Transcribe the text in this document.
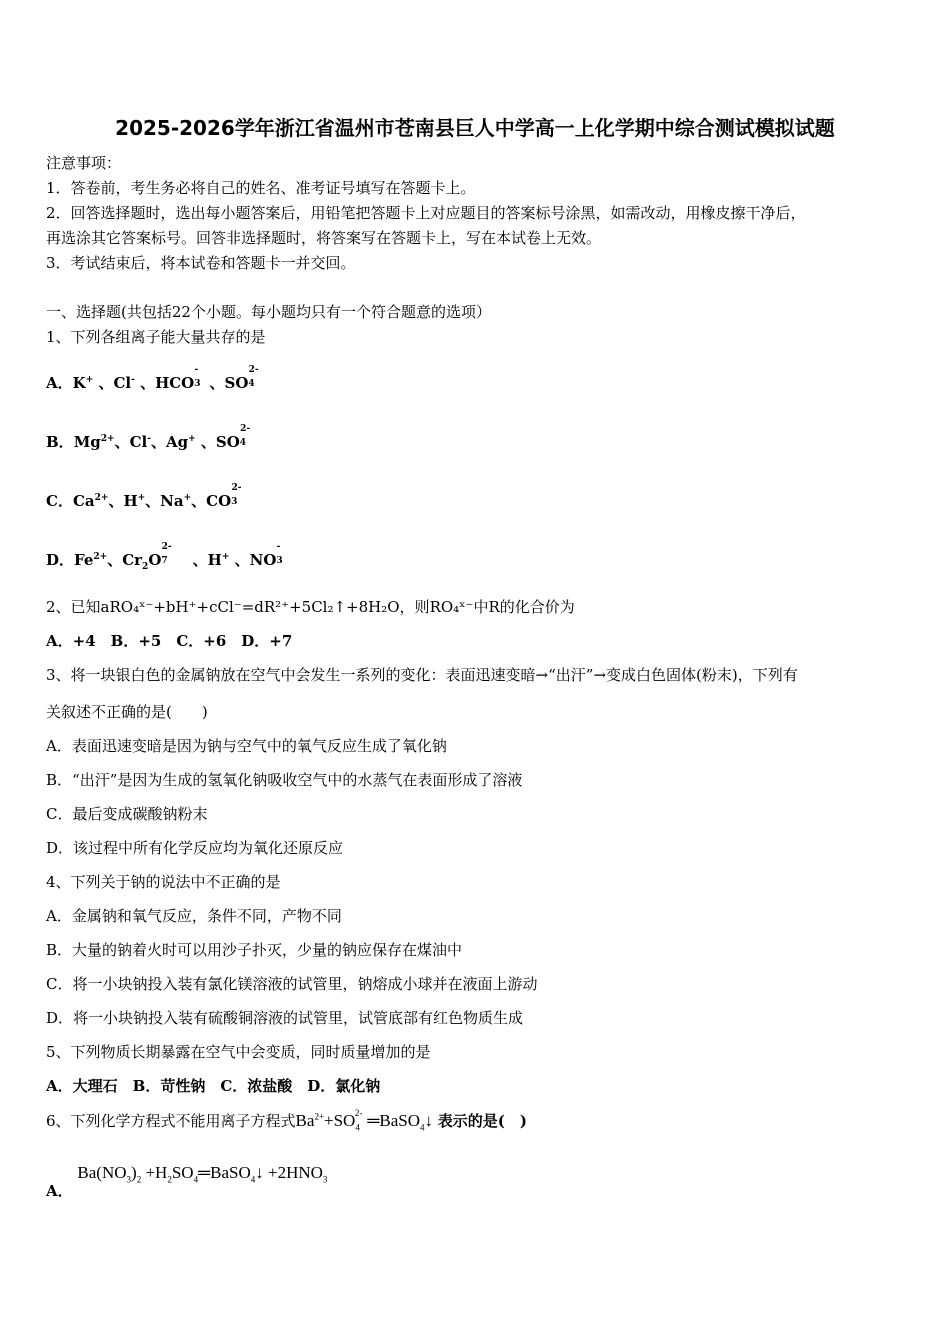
2025-2026学年浙江省温州市苍南县巨人中学高一上化学期中综合测试模拟试题
注意事项：
1．答卷前，考生务必将自己的姓名、准考证号填写在答题卡上。
2．回答选择题时，选出每小题答案后，用铅笔把答题卡上对应题目的答案标号涂黑，如需改动，用橡皮擦干净后，
再选涂其它答案标号。回答非选择题时，将答案写在答题卡上，写在本试卷上无效。
3．考试结束后，将本试卷和答题卡一并交回。
一、选择题(共包括22个小题。每小题均只有一个符合题意的选项）
1、下列各组离子能大量共存的是
A．K+ 、Cl- 、HCO3- 、$SO4^{2-}$
B．$Mg^{2+}$、Cl-、Ag+ 、$SO4^{2-}$
C．$Ca^{2+}$、H+、Na+、$CO3^{2-}$
D．$Fe^{2+}$、$Cr_2O7^{2-}$　、H+ 、NO3-
2、已知aRO₄ˣ⁻+bH⁺+cCl⁻=dR²⁺+5Cl₂↑+8H₂O，则RO₄ˣ⁻中R的化合价为
A．+4　B．+5　C．+6　D．+7
3、将一块银白色的金属钠放在空气中会发生一系列的变化：表面迅速变暗→“出汗”→变成白色固体(粉末)，下列有
关叙述不正确的是(　　)
A．表面迅速变暗是因为钠与空气中的氧气反应生成了氧化钠
B．“出汗”是因为生成的氢氧化钠吸收空气中的水蒸气在表面形成了溶液
C．最后变成碳酸钠粉末
D．该过程中所有化学反应均为氧化还原反应
4、下列关于钠的说法中不正确的是
A．金属钠和氧气反应，条件不同，产物不同
B．大量的钠着火时可以用沙子扑灭，少量的钠应保存在煤油中
C．将一小块钠投入装有氯化镁溶液的试管里，钠熔成小球并在液面上游动
D．将一小块钠投入装有硫酸铜溶液的试管里，试管底部有红色物质生成
5、下列物质长期暴露在空气中会变质，同时质量增加的是
A．大理石　B．苛性钠　C．浓盐酸　D．氯化钠
6、下列化学方程式不能用离子方程式$Ba^{2+}+SO_4^{2-}$ ═BaSO$_4$↓ 表示的是(　)
A． $Ba(NO_3)_2$ $+H_2SO_4═BaSO_4↓ +2HNO_3$
